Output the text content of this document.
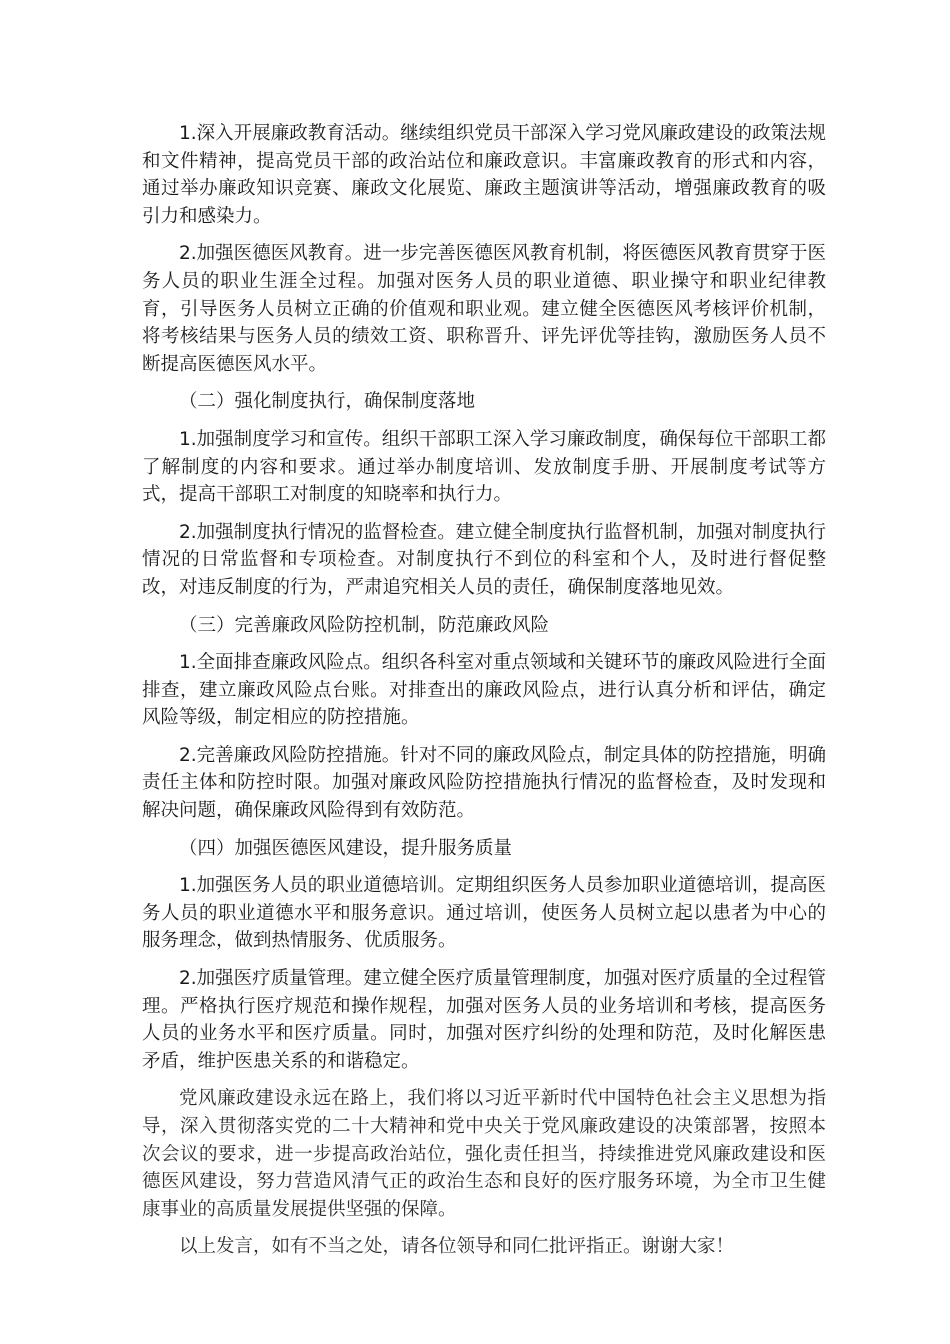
1.深入开展廉政教育活动。继续组织党员干部深入学习党风廉政建设的政策法规和文件精神，提高党员干部的政治站位和廉政意识。丰富廉政教育的形式和内容，通过举办廉政知识竞赛、廉政文化展览、廉政主题演讲等活动，增强廉政教育的吸引力和感染力。

2.加强医德医风教育。进一步完善医德医风教育机制，将医德医风教育贯穿于医务人员的职业生涯全过程。加强对医务人员的职业道德、职业操守和职业纪律教育，引导医务人员树立正确的价值观和职业观。建立健全医德医风考核评价机制，将考核结果与医务人员的绩效工资、职称晋升、评先评优等挂钩，激励医务人员不断提高医德医风水平。

（二）强化制度执行，确保制度落地

1.加强制度学习和宣传。组织干部职工深入学习廉政制度，确保每位干部职工都了解制度的内容和要求。通过举办制度培训、发放制度手册、开展制度考试等方式，提高干部职工对制度的知晓率和执行力。

2.加强制度执行情况的监督检查。建立健全制度执行监督机制，加强对制度执行情况的日常监督和专项检查。对制度执行不到位的科室和个人，及时进行督促整改，对违反制度的行为，严肃追究相关人员的责任，确保制度落地见效。

（三）完善廉政风险防控机制，防范廉政风险

1.全面排查廉政风险点。组织各科室对重点领域和关键环节的廉政风险进行全面排查，建立廉政风险点台账。对排查出的廉政风险点，进行认真分析和评估，确定风险等级，制定相应的防控措施。

2.完善廉政风险防控措施。针对不同的廉政风险点，制定具体的防控措施，明确责任主体和防控时限。加强对廉政风险防控措施执行情况的监督检查，及时发现和解决问题，确保廉政风险得到有效防范。

（四）加强医德医风建设，提升服务质量

1.加强医务人员的职业道德培训。定期组织医务人员参加职业道德培训，提高医务人员的职业道德水平和服务意识。通过培训，使医务人员树立起以患者为中心的服务理念，做到热情服务、优质服务。

2.加强医疗质量管理。建立健全医疗质量管理制度，加强对医疗质量的全过程管理。严格执行医疗规范和操作规程，加强对医务人员的业务培训和考核，提高医务人员的业务水平和医疗质量。同时，加强对医疗纠纷的处理和防范，及时化解医患矛盾，维护医患关系的和谐稳定。

党风廉政建设永远在路上，我们将以习近平新时代中国特色社会主义思想为指导，深入贯彻落实党的二十大精神和党中央关于党风廉政建设的决策部署，按照本次会议的要求，进一步提高政治站位，强化责任担当，持续推进党风廉政建设和医德医风建设，努力营造风清气正的政治生态和良好的医疗服务环境，为全市卫生健康事业的高质量发展提供坚强的保障。

以上发言，如有不当之处，请各位领导和同仁批评指正。谢谢大家！
